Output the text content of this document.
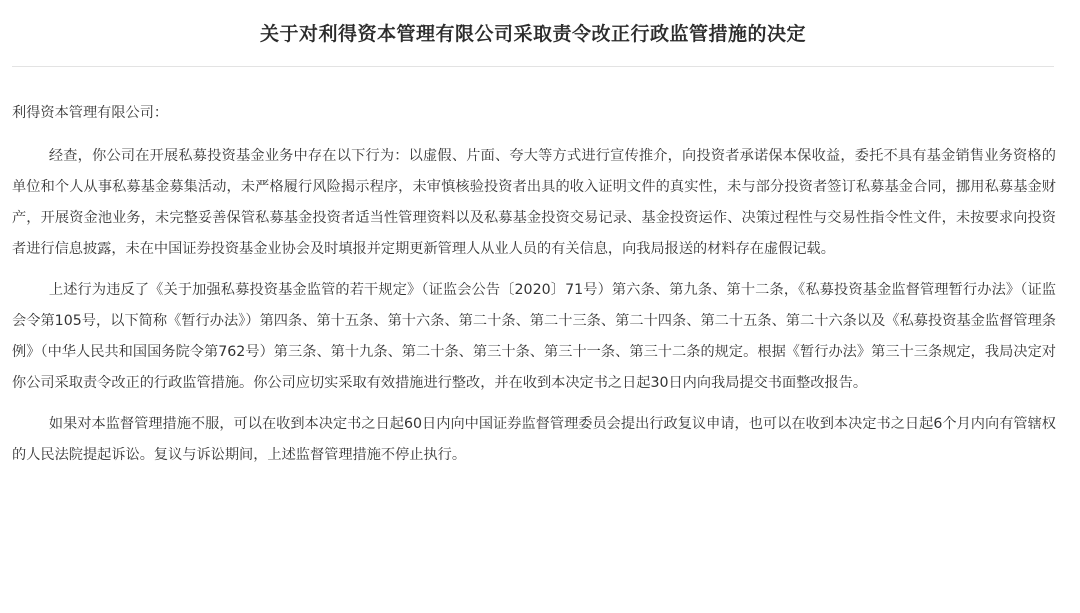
关于对利得资本管理有限公司采取责令改正行政监管措施的决定

利得资本管理有限公司：

经查，你公司在开展私募投资基金业务中存在以下行为：以虚假、片面、夸大等方式进行宣传推介，向投资者承诺保本保收益，委托不具有基金销售业务资格的单位和个人从事私募基金募集活动，未严格履行风险揭示程序，未审慎核验投资者出具的收入证明文件的真实性，未与部分投资者签订私募基金合同，挪用私募基金财产，开展资金池业务，未完整妥善保管私募基金投资者适当性管理资料以及私募基金投资交易记录、基金投资运作、决策过程性与交易性指令性文件，未按要求向投资者进行信息披露，未在中国证券投资基金业协会及时填报并定期更新管理人从业人员的有关信息，向我局报送的材料存在虚假记载。

上述行为违反了《关于加强私募投资基金监管的若干规定》（证监会公告〔2020〕71号）第六条、第九条、第十二条，《私募投资基金监督管理暂行办法》（证监会令第105号，以下简称《暂行办法》）第四条、第十五条、第十六条、第二十条、第二十三条、第二十四条、第二十五条、第二十六条以及《私募投资基金监督管理条例》（中华人民共和国国务院令第762号）第三条、第十九条、第二十条、第三十条、第三十一条、第三十二条的规定。根据《暂行办法》第三十三条规定，我局决定对你公司采取责令改正的行政监管措施。你公司应切实采取有效措施进行整改，并在收到本决定书之日起30日内向我局提交书面整改报告。

如果对本监督管理措施不服，可以在收到本决定书之日起60日内向中国证券监督管理委员会提出行政复议申请，也可以在收到本决定书之日起6个月内向有管辖权的人民法院提起诉讼。复议与诉讼期间，上述监督管理措施不停止执行。
